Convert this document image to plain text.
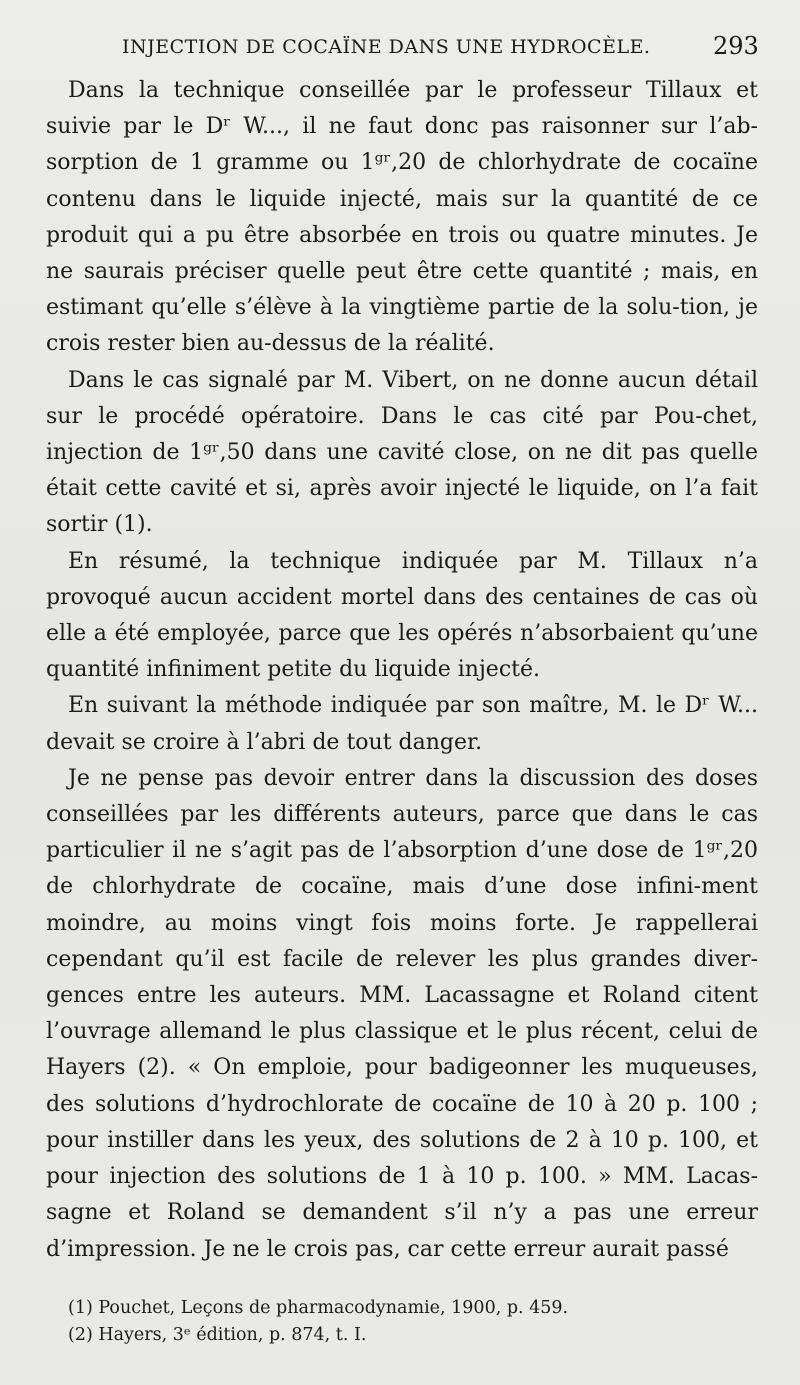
INJECTION DE COCAÏNE DANS UNE HYDROCÈLE.	293

Dans la technique conseillée par le professeur Tillaux et suivie par le Dʳ W..., il ne faut donc pas raisonner sur l’ab-sorption de 1 gramme ou 1ᵍʳ,20 de chlorhydrate de cocaïne contenu dans le liquide injecté, mais sur la quantité de ce produit qui a pu être absorbée en trois ou quatre minutes. Je ne saurais préciser quelle peut être cette quantité ; mais, en estimant qu’elle s’élève à la vingtième partie de la solu-tion, je crois rester bien au-dessus de la réalité.

Dans le cas signalé par M. Vibert, on ne donne aucun détail sur le procédé opératoire. Dans le cas cité par Pou-chet, injection de 1ᵍʳ,50 dans une cavité close, on ne dit pas quelle était cette cavité et si, après avoir injecté le liquide, on l’a fait sortir (1).

En résumé, la technique indiquée par M. Tillaux n’a provoqué aucun accident mortel dans des centaines de cas où elle a été employée, parce que les opérés n’absorbaient qu’une quantité infiniment petite du liquide injecté.

En suivant la méthode indiquée par son maître, M. le Dʳ W... devait se croire à l’abri de tout danger.

Je ne pense pas devoir entrer dans la discussion des doses conseillées par les différents auteurs, parce que dans le cas particulier il ne s’agit pas de l’absorption d’une dose de 1ᵍʳ,20 de chlorhydrate de cocaïne, mais d’une dose infini-ment moindre, au moins vingt fois moins forte. Je rappellerai cependant qu’il est facile de relever les plus grandes diver-gences entre les auteurs. MM. Lacassagne et Roland citent l’ouvrage allemand le plus classique et le plus récent, celui de Hayers (2). « On emploie, pour badigeonner les muqueuses, des solutions d’hydrochlorate de cocaïne de 10 à 20 p. 100 ; pour instiller dans les yeux, des solutions de 2 à 10 p. 100, et pour injection des solutions de 1 à 10 p. 100. » MM. Lacas-sagne et Roland se demandent s’il n’y a pas une erreur d’impression. Je ne le crois pas, car cette erreur aurait passé

(1) Pouchet, Leçons de pharmacodynamie, 1900, p. 459.

(2) Hayers, 3ᵉ édition, p. 874, t. I.
